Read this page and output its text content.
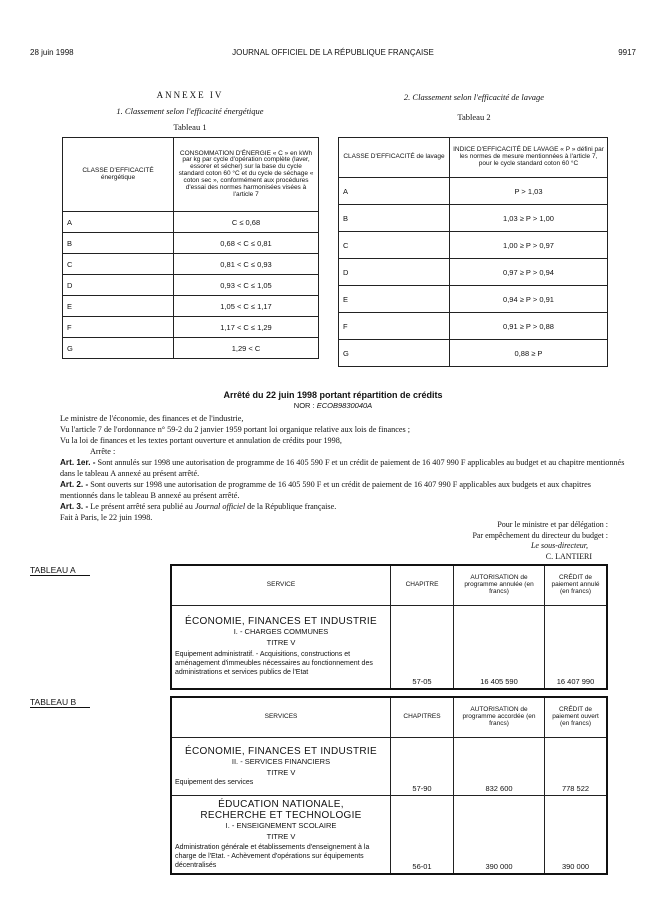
28 juin 1998	JOURNAL OFFICIEL DE LA RÉPUBLIQUE FRANÇAISE	9917
ANNEXE IV
1. Classement selon l'efficacité énergétique
Tableau 1
2. Classement selon l'efficacité de lavage
Tableau 2
CLASSE D'EFFICACITÉ énergétique	CONSOMMATION D'ÉNERGIE « C » en kWh par kg par cycle d'opération complète (laver, essorer et sécher) sur la base du cycle standard coton 60 °C et du cycle de séchage « coton sec », conformément aux procédures d'essai des normes harmonisées visées à l'article 7
A	C ≤ 0,68
B	0,68 < C ≤ 0,81
C	0,81 < C ≤ 0,93
D	0,93 < C ≤ 1,05
E	1,05 < C ≤ 1,17
F	1,17 < C ≤ 1,29
G	1,29 < C
CLASSE D'EFFICACITÉ de lavage	INDICE D'EFFICACITÉ DE LAVAGE « P » défini par les normes de mesure mentionnées à l'article 7, pour le cycle standard coton 60 °C
A	P > 1,03
B	1,03 ≥ P > 1,00
C	1,00 ≥ P > 0,97
D	0,97 ≥ P > 0,94
E	0,94 ≥ P > 0,91
F	0,91 ≥ P > 0,88
G	0,88 ≥ P
Arrêté du 22 juin 1998 portant répartition de crédits
NOR : ECOB9830040A

Le ministre de l'économie, des finances et de l'industrie,

Vu l'article 7 de l'ordonnance n° 59-2 du 2 janvier 1959 portant loi organique relative aux lois de finances ;

Vu la loi de finances et les textes portant ouverture et annulation de crédits pour 1998,

Arrête :

Art. 1er. - Sont annulés sur 1998 une autorisation de programme de 16 405 590 F et un crédit de paiement de 16 407 990 F applicables au budget et au chapitre mentionnés dans le tableau A annexé au présent arrêté.

Art. 2. - Sont ouverts sur 1998 une autorisation de programme de 16 405 590 F et un crédit de paiement de 16 407 990 F applicables aux budgets et aux chapitres mentionnés dans le tableau B annexé au présent arrêté.

Art. 3. - Le présent arrêté sera publié au Journal officiel de la République française.

Fait à Paris, le 22 juin 1998.

Pour le ministre et par délégation :
Par empêchement du directeur du budget :
Le sous-directeur,
C. LANTIERI
TABLEAU A
SERVICE	CHAPITRE	AUTORISATION de programme annulée (en francs)	CRÉDIT de paiement annulé (en francs)

ÉCONOMIE, FINANCES ET INDUSTRIE
I. - CHARGES COMMUNES
TITRE V
Equipement administratif. - Acquisitions, constructions et aménagement d'immeubles nécessaires au fonctionnement des administrations et services publics de l'Etat	57-05	16 405 590	16 407 990
TABLEAU B
SERVICES	CHAPITRES	AUTORISATION de programme accordée (en francs)	CRÉDIT de paiement ouvert (en francs)

ÉCONOMIE, FINANCES ET INDUSTRIE
II. - SERVICES FINANCIERS
TITRE V
Equipement des services	57-90	832 600	778 522

ÉDUCATION NATIONALE,
RECHERCHE ET TECHNOLOGIE
I. - ENSEIGNEMENT SCOLAIRE
TITRE V
Administration générale et établissements d'enseignement à la charge de l'Etat. - Achèvement d'opérations sur équipements décentralisés	56-01	390 000	390 000
